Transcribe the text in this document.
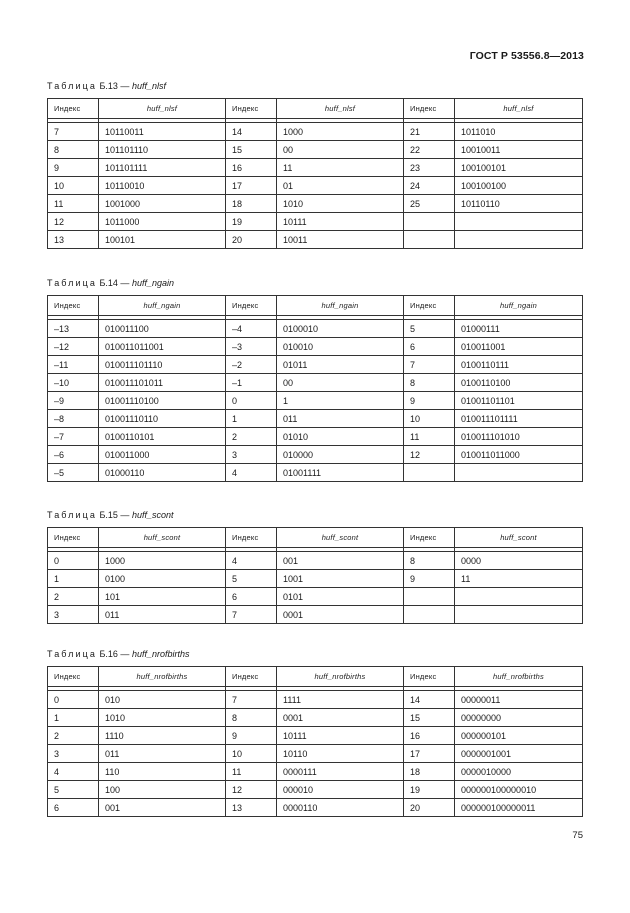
ГОСТ Р 53556.8—2013
Таблица Б.13 — huff_nlsf
Индекс	huff_nlsf	Индекс	huff_nlsf	Индекс	huff_nlsf

7	10110011	14	1000	21	1011010
8	101101110	15	00	22	10010011
9	101101111	16	11	23	100100101
10	10110010	17	01	24	100100100
11	1001000	18	1010	25	10110110
12	1011000	19	10111		
13	100101	20	10011		
Таблица Б.14 — huff_ngain
Индекс	huff_ngain	Индекс	huff_ngain	Индекс	huff_ngain

–13	010011100	–4	0100010	5	01000111
–12	010011011001	–3	010010	6	010011001
–11	010011101110	–2	01011	7	0100110111
–10	010011101011	–1	00	8	0100110100
–9	01001110100	0	1	9	01001101101
–8	01001110110	1	011	10	010011101111
–7	0100110101	2	01010	11	010011101010
–6	010011000	3	010000	12	010011011000
–5	01000110	4	01001111		
Таблица Б.15 — huff_scont
Индекс	huff_scont	Индекс	huff_scont	Индекс	huff_scont

0	1000	4	001	8	0000
1	0100	5	1001	9	11
2	101	6	0101		
3	011	7	0001		
Таблица Б.16 — huff_nrofbirths
Индекс	huff_nrofbirths	Индекс	huff_nrofbirths	Индекс	huff_nrofbirths

0	010	7	1111	14	00000011
1	1010	8	0001	15	00000000
2	1110	9	10111	16	000000101
3	011	10	10110	17	0000001001
4	110	11	0000111	18	0000010000
5	100	12	000010	19	000000100000010
6	001	13	0000110	20	000000100000011
75
